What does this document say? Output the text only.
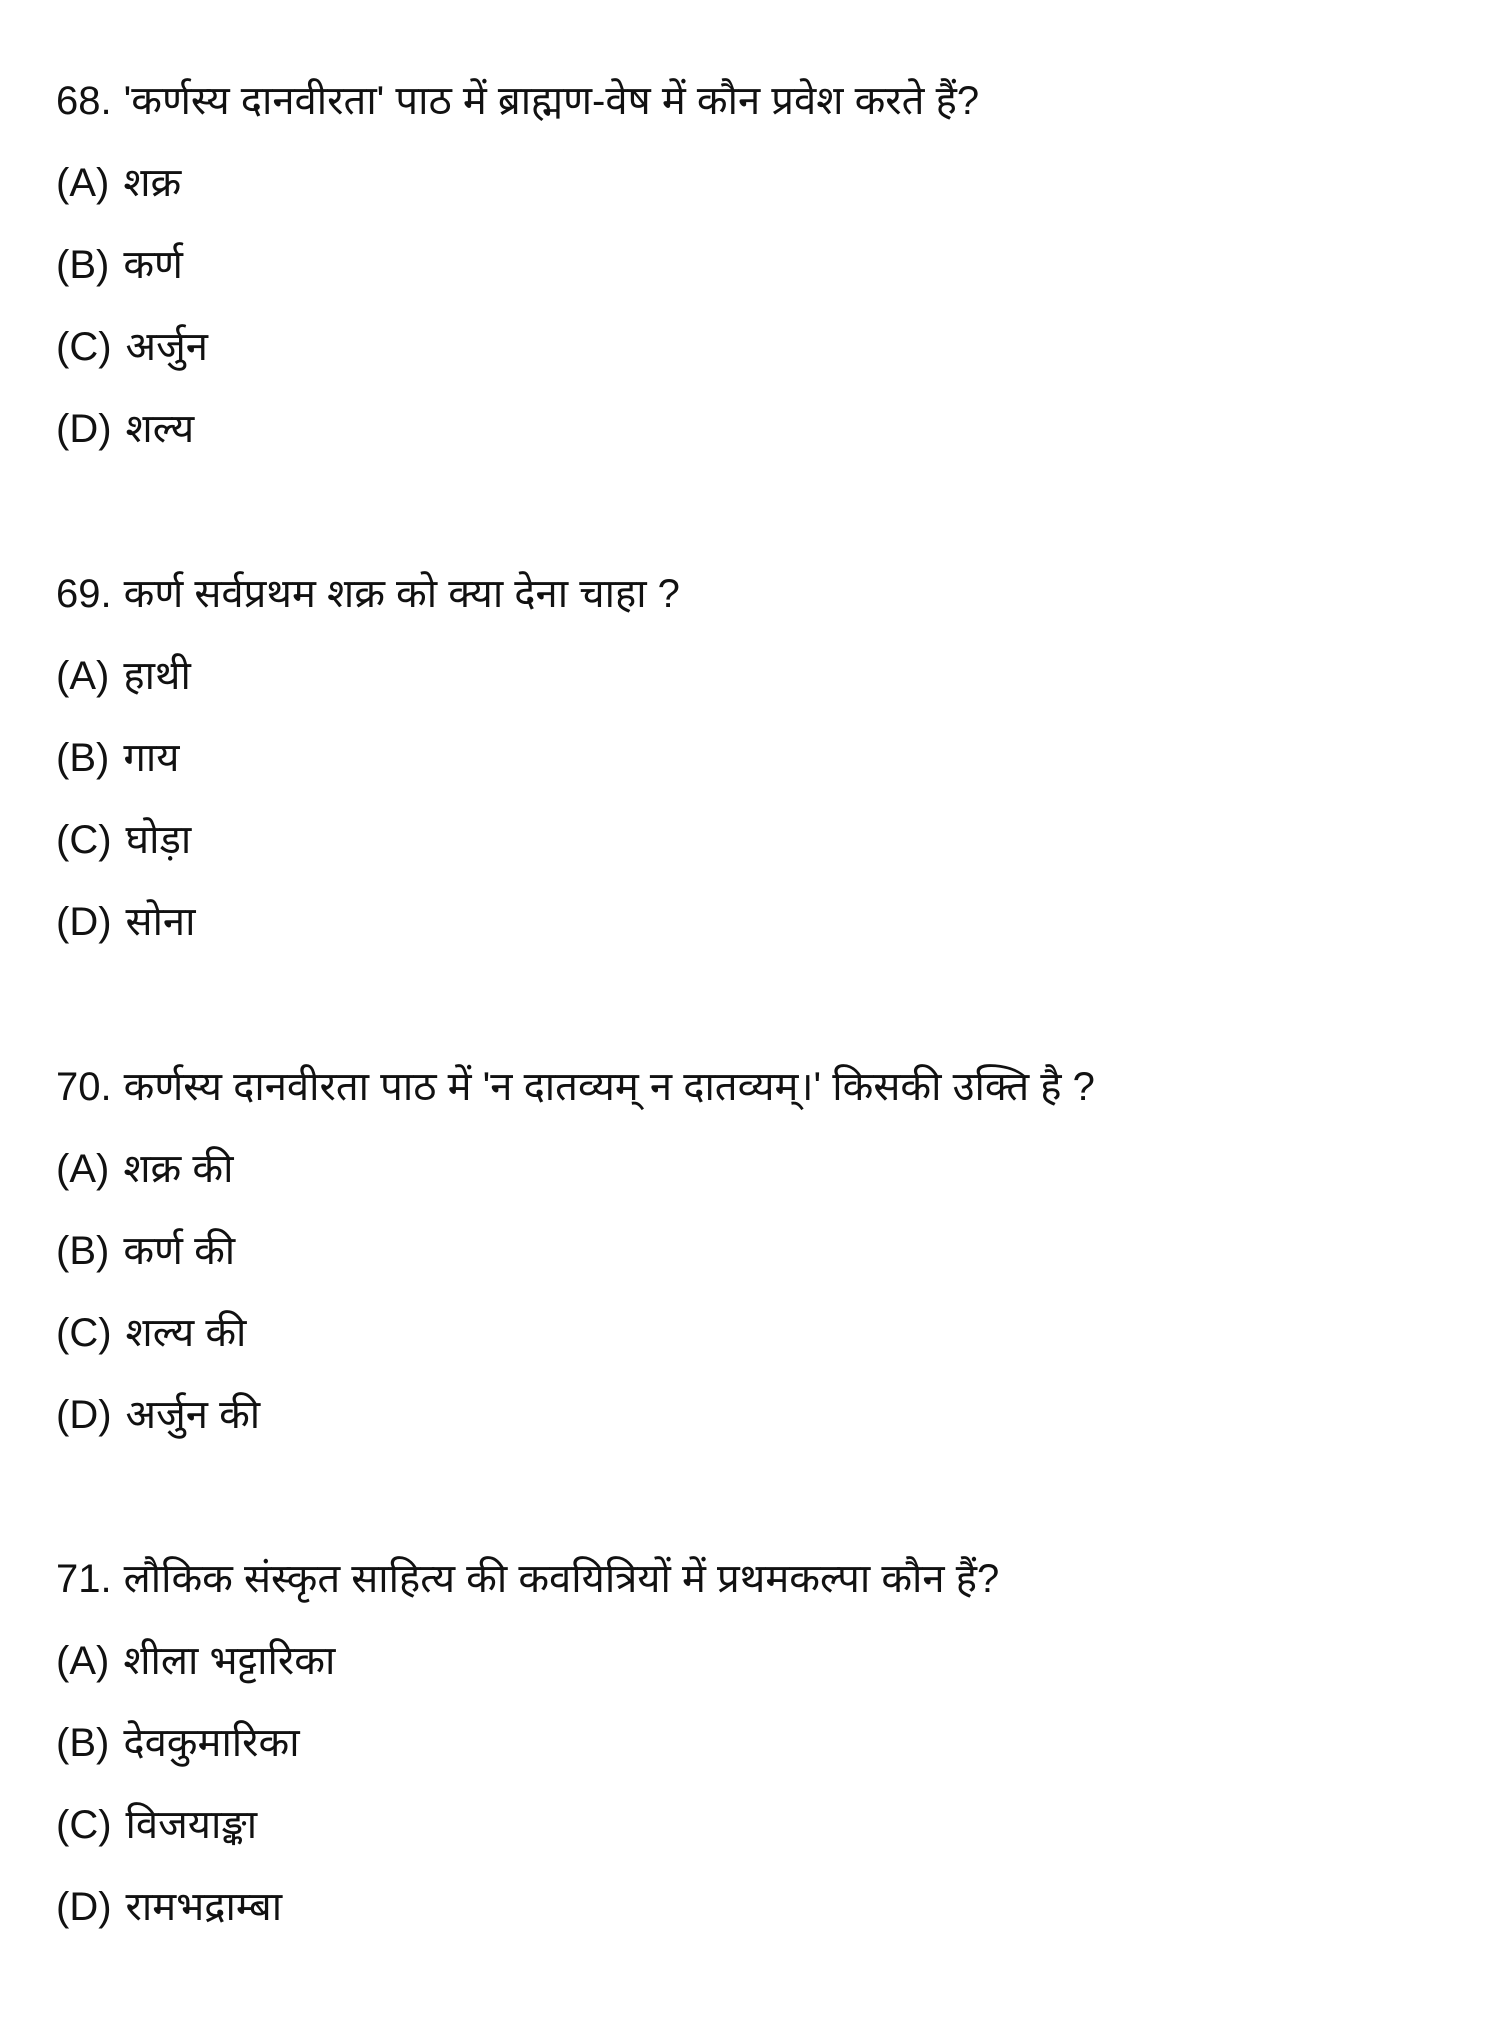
68. 'कर्णस्य दानवीरता' पाठ में ब्राह्मण-वेष में कौन प्रवेश करते हैं?
(A) शक्र
(B) कर्ण
(C) अर्जुन
(D) शल्य
69. कर्ण सर्वप्रथम शक्र को क्या देना चाहा ?
(A) हाथी
(B) गाय
(C) घोड़ा
(D) सोना
70. कर्णस्य दानवीरता पाठ में 'न दातव्यम् न दातव्यम्।' किसकी उक्ति है ?
(A) शक्र की
(B) कर्ण की
(C) शल्य की
(D) अर्जुन की
71. लौकिक संस्कृत साहित्य की कवयित्रियों में प्रथमकल्पा कौन हैं?
(A) शीला भट्टारिका
(B) देवकुमारिका
(C) विजयाङ्का
(D) रामभद्राम्बा
